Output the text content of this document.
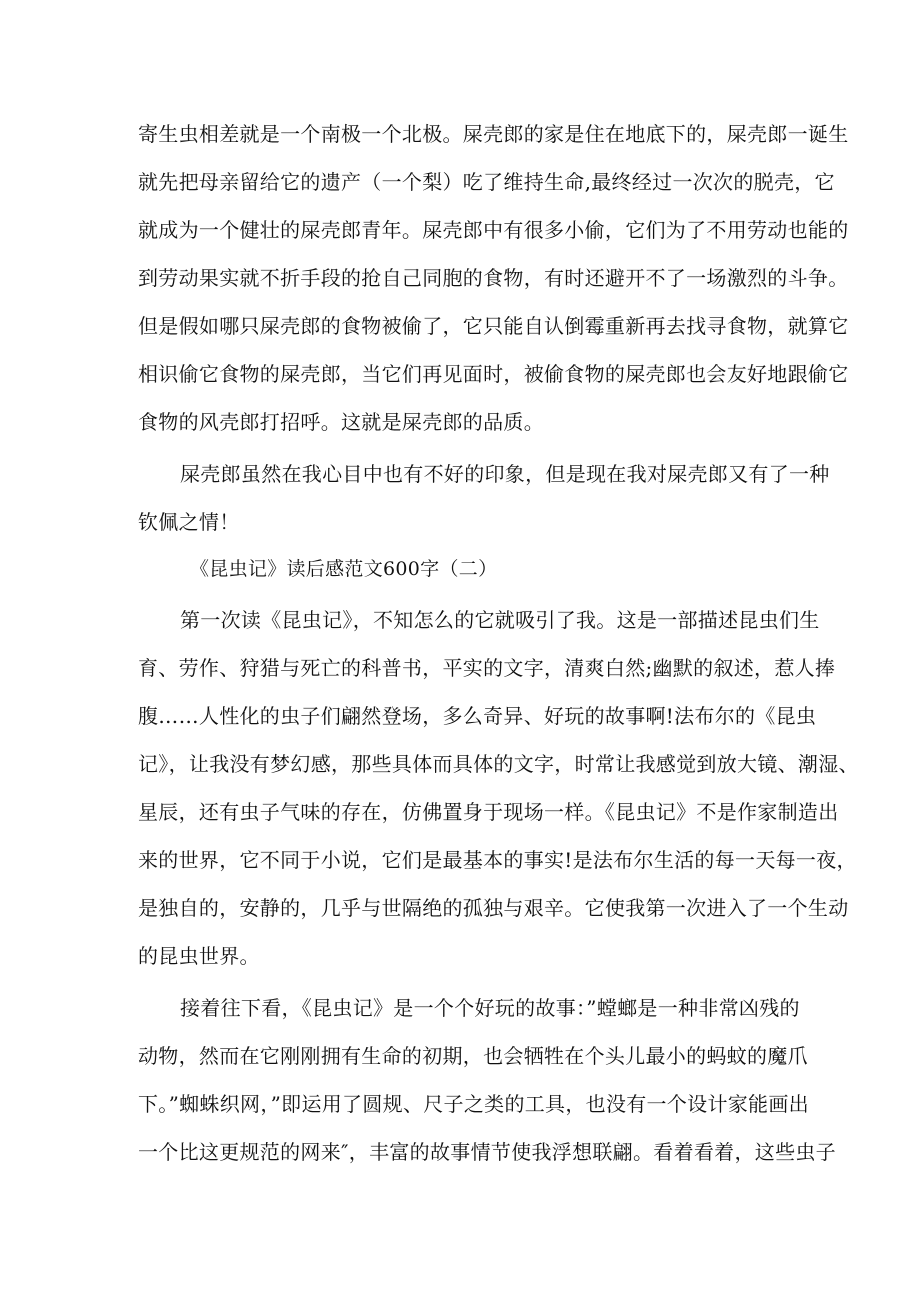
寄生虫相差就是一个南极一个北极。屎壳郎的家是住在地底下的，屎壳郎一诞生
就先把母亲留给它的遗产（一个梨）吃了维持生命,最终经过一次次的脱壳，它
就成为一个健壮的屎壳郎青年。屎壳郎中有很多小偷，它们为了不用劳动也能的
到劳动果实就不折手段的抢自己同胞的食物，有时还避开不了一场激烈的斗争。
但是假如哪只屎壳郎的食物被偷了，它只能自认倒霉重新再去找寻食物，就算它
相识偷它食物的屎壳郎，当它们再见面时，被偷食物的屎壳郎也会友好地跟偷它
食物的风壳郎打招呼。这就是屎壳郎的品质。
屎壳郎虽然在我心目中也有不好的印象，但是现在我对屎壳郎又有了一种
钦佩之情！
《昆虫记》读后感范文600字（二）
第一次读《昆虫记》，不知怎么的它就吸引了我。这是一部描述昆虫们生
育、劳作、狩猎与死亡的科普书，平实的文字，清爽白然;幽默的叙述，惹人捧
腹……人性化的虫子们翩然登场，多么奇异、好玩的故事啊!法布尔的《昆虫
记》，让我没有梦幻感，那些具体而具体的文字，时常让我感觉到放大镜、潮湿、
星辰，还有虫子气味的存在，仿佛置身于现场一样。《昆虫记》不是作家制造出
来的世界，它不同于小说，它们是最基本的事实!是法布尔生活的每一天每一夜，
是独自的，安静的，几乎与世隔绝的孤独与艰辛。它使我第一次进入了一个生动
的昆虫世界。
接着往下看，《昆虫记》是一个个好玩的故事：”螳螂是一种非常凶残的
动物，然而在它刚刚拥有生命的初期，也会牺牲在个头儿最小的蚂蚊的魔爪
下。”蜘蛛织网，”即运用了圆规、尺子之类的工具，也没有一个设计家能画出
一个比这更规范的网来″，丰富的故事情节使我浮想联翩。看着看着，这些虫子
